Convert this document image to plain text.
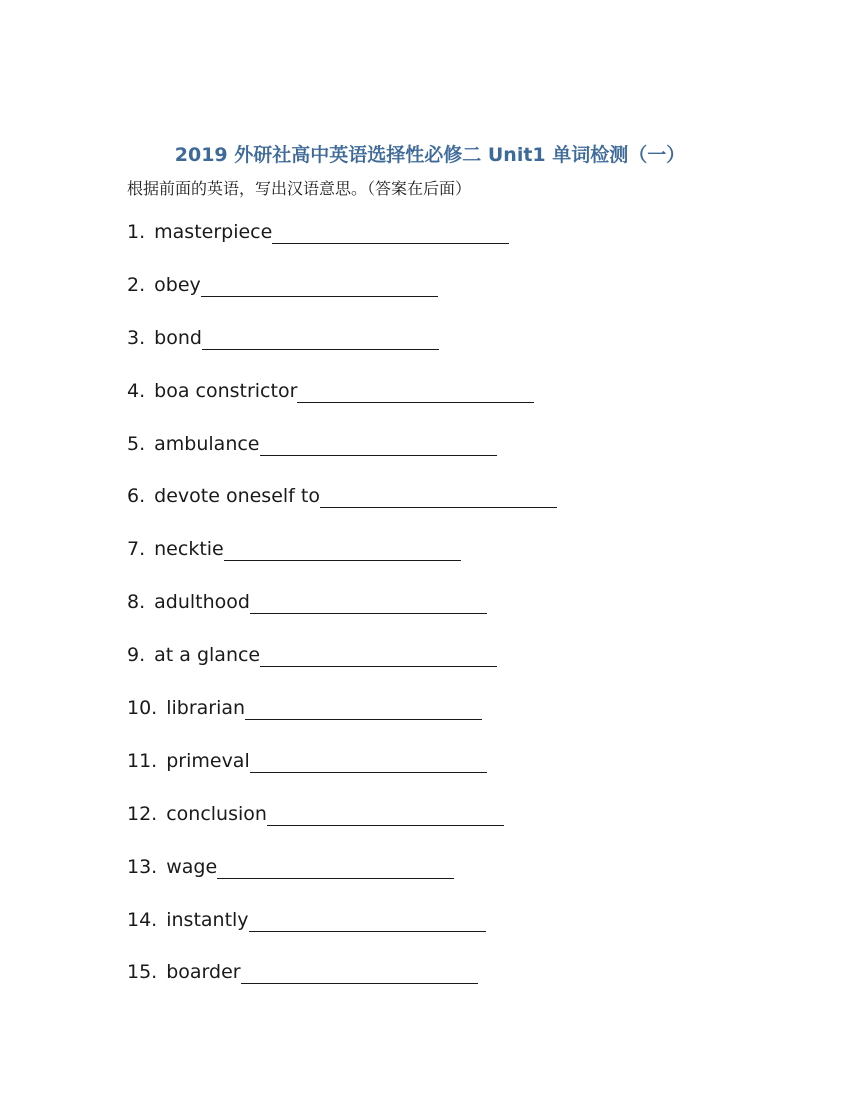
2019 外研社高中英语选择性必修二 Unit1 单词检测（一）
根据前面的英语，写出汉语意思。（答案在后面）
1. masterpiece
2. obey
3. bond
4. boa constrictor
5. ambulance
6. devote oneself to
7. necktie
8. adulthood
9. at a glance
10. librarian
11. primeval
12. conclusion
13. wage
14. instantly
15. boarder
